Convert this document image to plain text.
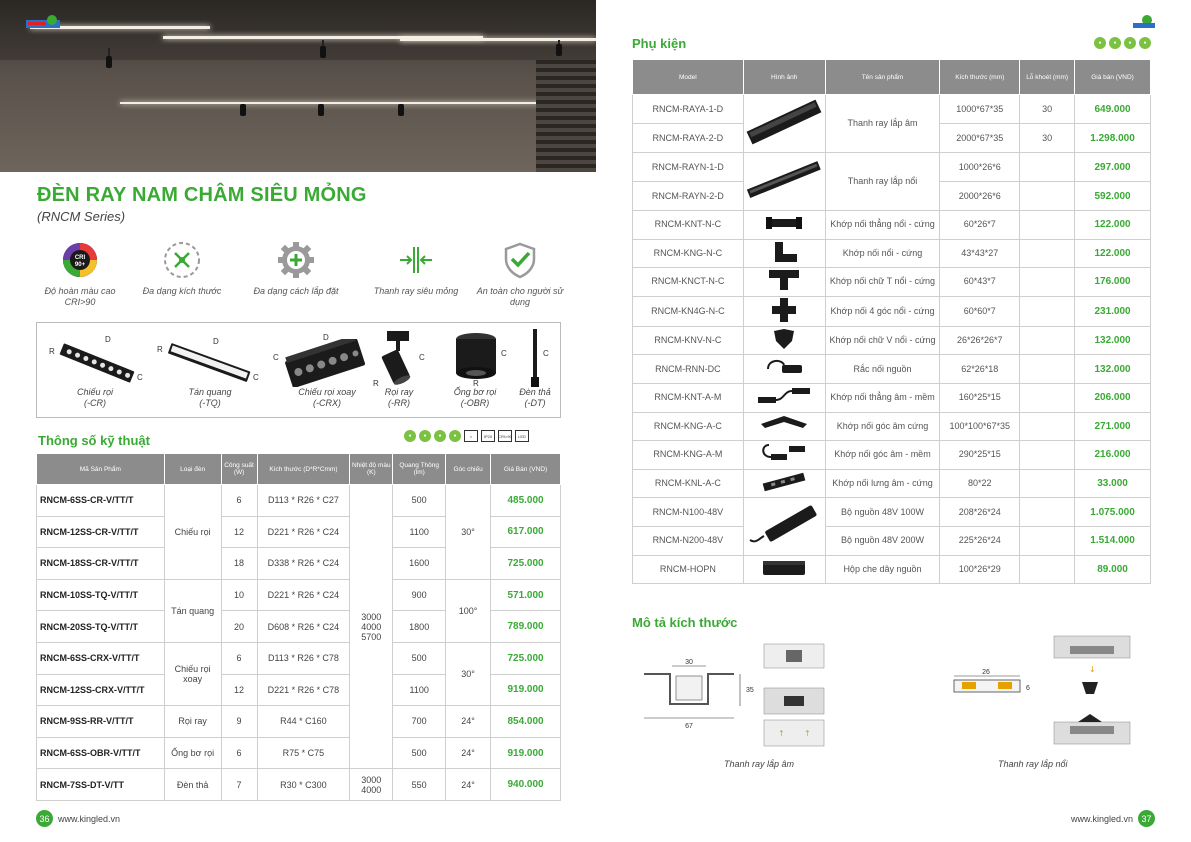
ĐÈN RAY NAM CHÂM SIÊU MỎNG
(RNCM Series)
CRI
90+
Độ hoàn màu cao CRI>90
Đa dạng kích thước	Đa dạng cách lắp đặt	Thanh ray siêu mỏng	An toàn cho người sử dụng
D
R
C
Chiếu rọi
(-CR)
D
R
C
Tán quang
(-TQ)
D
C
Chiếu rọi xoay
(-CRX)
C
R
Rọi ray
(-RR)
C
R
Ống bơ rọi
(-OBR)
C
Đèn thả
(-DT)
Thông số kỹ thuật	●	●	●	●	⌂	IP20	CRI>90	LED
Mã Sản Phẩm	Loại đèn	Công suất (W)	Kích thước (D*R*Cmm)	Nhiệt độ màu (K)	Quang Thông (lm)	Góc chiếu	Giá Bán (VND)
RNCM-6SS-CR-V/TT/T	Chiếu rọi	6	D113 * R26 * C27	3000 4000 5700	500	30°	485.000
RNCM-12SS-CR-V/TT/T		12	D221 * R26 * C24		1100		617.000
RNCM-18SS-CR-V/TT/T		18	D338 * R26 * C24		1600		725.000
RNCM-10SS-TQ-V/TT/T	Tán quang	10	D221 * R26 * C24		900	100°	571.000
RNCM-20SS-TQ-V/TT/T		20	D608 * R26 * C24		1800		789.000
RNCM-6SS-CRX-V/TT/T	Chiếu rọi xoay	6	D113 * R26 * C78		500	30°	725.000
RNCM-12SS-CRX-V/TT/T		12	D221 * R26 * C78		1100		919.000
RNCM-9SS-RR-V/TT/T	Rọi ray	9	R44 * C160		700	24°	854.000
RNCM-6SS-OBR-V/TT/T	Ống bơ rọi	6	R75 * C75		500	24°	919.000
RNCM-7SS-DT-V/TT	Đèn thả	7	R30 * C300	3000 4000	550	24°	940.000
36 www.kingled.vn
Phụ kiện	●	●	●	●
Model	Hình ảnh	Tên sản phẩm	Kích thước (mm)	Lỗ khoét (mm)	Giá bán (VND)
RNCM-RAYA-1-D		Thanh ray lắp âm	1000*67*35	30	649.000
RNCM-RAYA-2-D			2000*67*35	30	1.298.000
RNCM-RAYN-1-D		Thanh ray lắp nổi	1000*26*6		297.000
RNCM-RAYN-2-D			2000*26*6		592.000
RNCM-KNT-N-C		Khớp nối thẳng nổi - cứng	60*26*7		122.000
RNCM-KNG-N-C		Khớp nối nổi - cứng	43*43*27		122.000
RNCM-KNCT-N-C		Khớp nối chữ T nổi - cứng	60*43*7		176.000
RNCM-KN4G-N-C		Khớp nối 4 góc nổi - cứng	60*60*7		231.000
RNCM-KNV-N-C		Khớp nối chữ V nổi - cứng	26*26*26*7		132.000
RNCM-RNN-DC		Rắc nối nguồn	62*26*18		132.000
RNCM-KNT-A-M		Khớp nối thẳng âm - mềm	160*25*15		206.000
RNCM-KNG-A-C		Khớp nối góc âm cứng	100*100*67*35		271.000
RNCM-KNG-A-M		Khớp nối góc âm - mềm	290*25*15		216.000
RNCM-KNL-A-C		Khớp nối lưng âm - cứng	80*22		33.000
RNCM-N100-48V		Bộ nguồn 48V 100W	208*26*24		1.075.000
RNCM-N200-48V		Bộ nguồn 48V 200W	225*26*24		1.514.000
RNCM-HOPN		Hộp che dây nguồn	100*26*29		89.000
Mô tả kích thước
30
35
67
↑ ↑
Thanh ray lắp âm
26
6
↓
Thanh ray lắp nổi
www.kingled.vn 37
